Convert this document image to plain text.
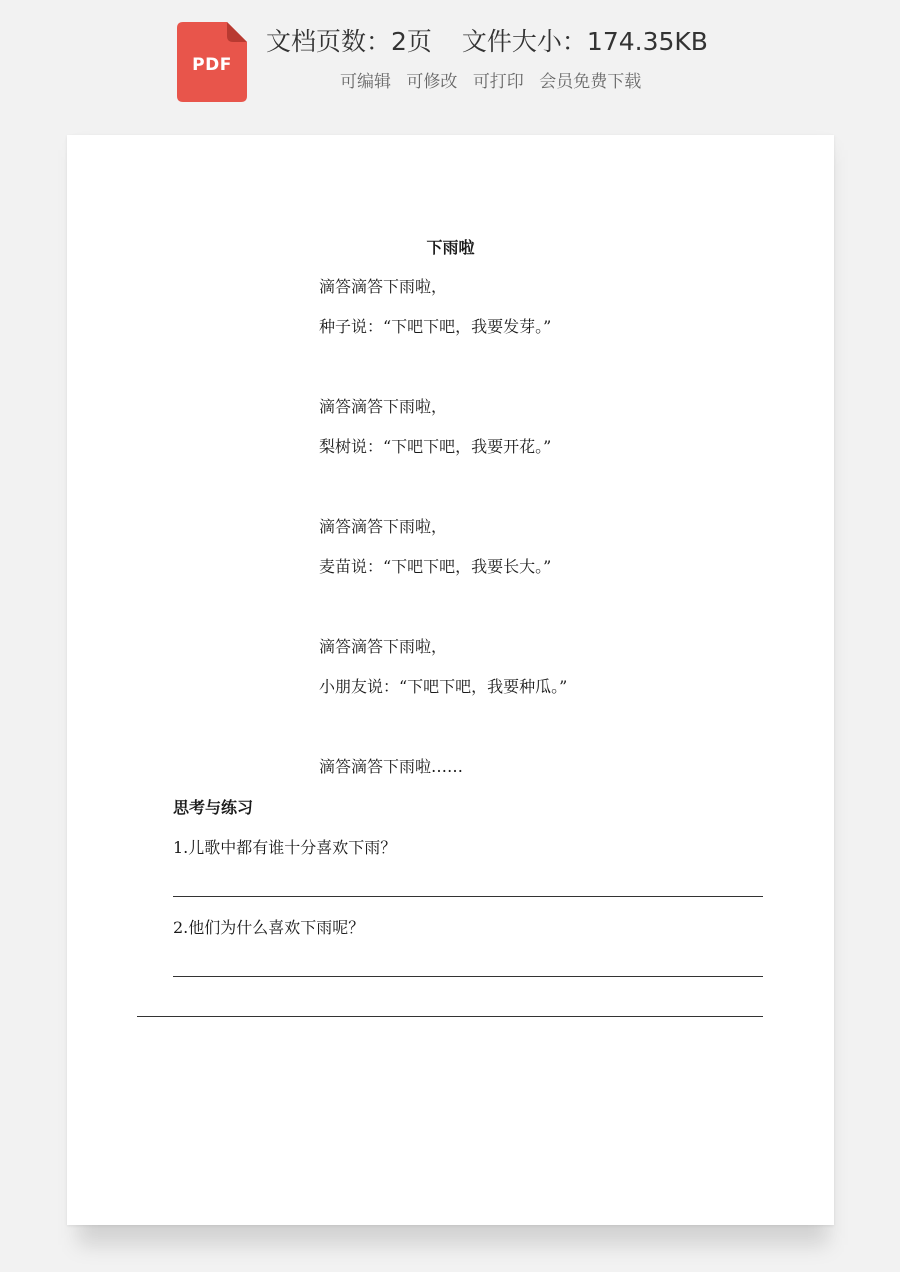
PDF
文档页数：2页 文件大小：174.35KB
可编辑 可修改 可打印 会员免费下载
下雨啦
滴答滴答下雨啦，
种子说：“下吧下吧，我要发芽。”
滴答滴答下雨啦，
梨树说：“下吧下吧，我要开花。”
滴答滴答下雨啦，
麦苗说：“下吧下吧，我要长大。”
滴答滴答下雨啦，
小朋友说：“下吧下吧，我要种瓜。”
滴答滴答下雨啦……
思考与练习
1.儿歌中都有谁十分喜欢下雨？
2.他们为什么喜欢下雨呢？
